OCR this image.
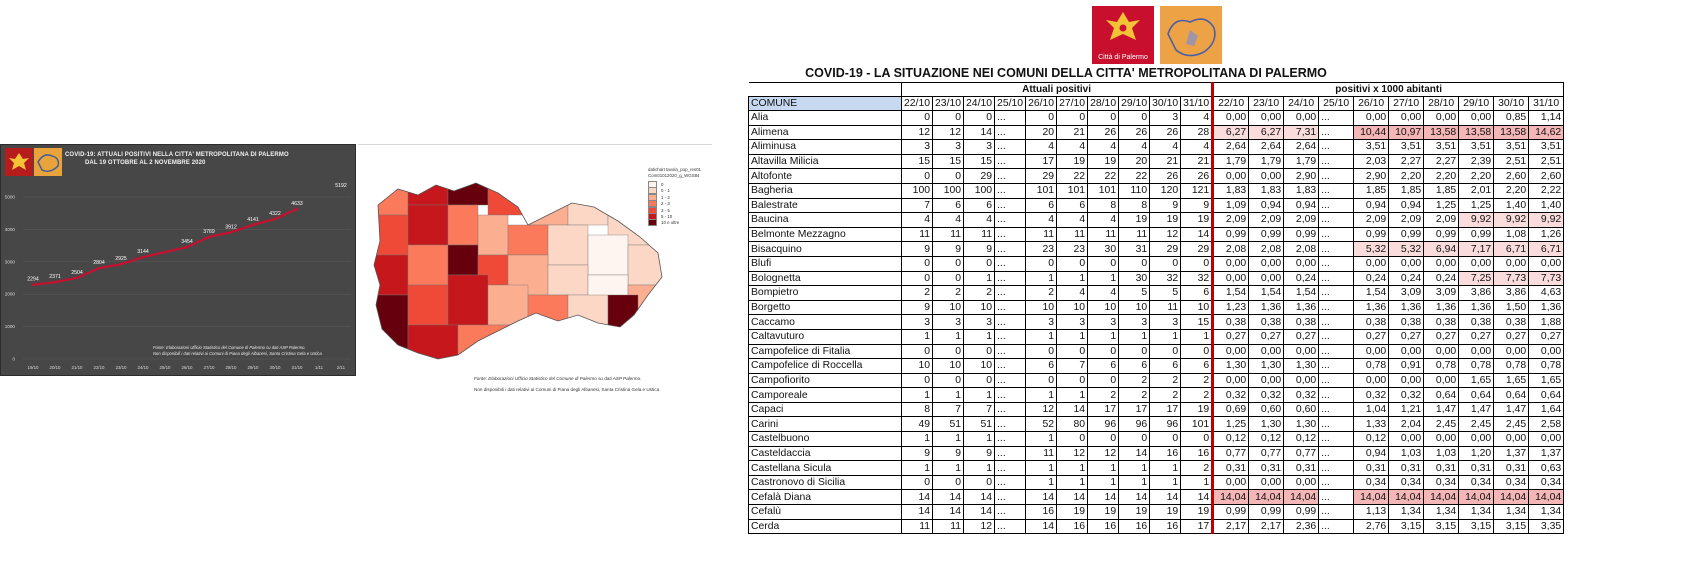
0
1000
2000
3000
4000
5000
19/10	20/10	21/10	22/10	23/10	24/10	25/10	26/10	27/10	28/10	29/10	30/10	31/10	1/11	2/11
2294 2371
2504
2804
2925
3144
3454
3769
3912
4141
4322
4633
5192
COVID-19: ATTUALI POSITIVI NELLA CITTA' METROPOLITANA DI PALERMO
DAL 19 OTTOBRE AL 2 NOVEMBRE 2020
Fonte: Elaborazioni Ufficio Statistico del Comune di Palermo su dati ASP Palermo.
Non disponibili i dati relativi ai Comuni di Piana degli Albanesi, Santa Cristina Gela e Ustica
datichart tavola_pop_res01
Com01012020_g_WGS84
0
0 - 1
1 - 2
2 - 3
3 - 5
5 - 10
10 e oltre
Fonte: Elaborazioni Ufficio Statistico del Comune di Palermo su dati ASP Palermo.
Non disponibili i dati relativi ai Comuni di Piana degli Albanesi, Santa Cristina Gela e Ustica
Città di Palermo
COVID-19 - LA SITUAZIONE NEI COMUNI DELLA CITTA' METROPOLITANA DI PALERMO
	Attuali positivi										positivi x 1000 abitanti									
COMUNE	22/10	23/10	24/10	25/10	26/10	27/10	28/10	29/10	30/10	31/10	22/10	23/10	24/10	25/10	26/10	27/10	28/10	29/10	30/10	31/10
Alia	0	0	0	...	0	0	0	0	3	4	0,00	0,00	0,00	...	0,00	0,00	0,00	0,00	0,85	1,14
Alimena	12	12	14	...	20	21	26	26	26	28	6,27	6,27	7,31	...	10,44	10,97	13,58	13,58	13,58	14,62
Aliminusa	3	3	3	...	4	4	4	4	4	4	2,64	2,64	2,64	...	3,51	3,51	3,51	3,51	3,51	3,51
Altavilla Milicia	15	15	15	...	17	19	19	20	21	21	1,79	1,79	1,79	...	2,03	2,27	2,27	2,39	2,51	2,51
Altofonte	0	0	29	...	29	22	22	22	26	26	0,00	0,00	2,90	...	2,90	2,20	2,20	2,20	2,60	2,60
Bagheria	100	100	100	...	101	101	101	110	120	121	1,83	1,83	1,83	...	1,85	1,85	1,85	2,01	2,20	2,22
Balestrate	7	6	6	...	6	6	8	8	9	9	1,09	0,94	0,94	...	0,94	0,94	1,25	1,25	1,40	1,40
Baucina	4	4	4	...	4	4	4	19	19	19	2,09	2,09	2,09	...	2,09	2,09	2,09	9,92	9,92	9,92
Belmonte Mezzagno	11	11	11	...	11	11	11	11	12	14	0,99	0,99	0,99	...	0,99	0,99	0,99	0,99	1,08	1,26
Bisacquino	9	9	9	...	23	23	30	31	29	29	2,08	2,08	2,08	...	5,32	5,32	6,94	7,17	6,71	6,71
Blufi	0	0	0	...	0	0	0	0	0	0	0,00	0,00	0,00	...	0,00	0,00	0,00	0,00	0,00	0,00
Bolognetta	0	0	1	...	1	1	1	30	32	32	0,00	0,00	0,24	...	0,24	0,24	0,24	7,25	7,73	7,73
Bompietro	2	2	2	...	2	4	4	5	5	6	1,54	1,54	1,54	...	1,54	3,09	3,09	3,86	3,86	4,63
Borgetto	9	10	10	...	10	10	10	10	11	10	1,23	1,36	1,36	...	1,36	1,36	1,36	1,36	1,50	1,36
Caccamo	3	3	3	...	3	3	3	3	3	15	0,38	0,38	0,38	...	0,38	0,38	0,38	0,38	0,38	1,88
Caltavuturo	1	1	1	...	1	1	1	1	1	1	0,27	0,27	0,27	...	0,27	0,27	0,27	0,27	0,27	0,27
Campofelice di Fitalia	0	0	0	...	0	0	0	0	0	0	0,00	0,00	0,00	...	0,00	0,00	0,00	0,00	0,00	0,00
Campofelice di Roccella	10	10	10	...	6	7	6	6	6	6	1,30	1,30	1,30	...	0,78	0,91	0,78	0,78	0,78	0,78
Campofiorito	0	0	0	...	0	0	0	2	2	2	0,00	0,00	0,00	...	0,00	0,00	0,00	1,65	1,65	1,65
Camporeale	1	1	1	...	1	1	2	2	2	2	0,32	0,32	0,32	...	0,32	0,32	0,64	0,64	0,64	0,64
Capaci	8	7	7	...	12	14	17	17	17	19	0,69	0,60	0,60	...	1,04	1,21	1,47	1,47	1,47	1,64
Carini	49	51	51	...	52	80	96	96	96	101	1,25	1,30	1,30	...	1,33	2,04	2,45	2,45	2,45	2,58
Castelbuono	1	1	1	...	1	0	0	0	0	0	0,12	0,12	0,12	...	0,12	0,00	0,00	0,00	0,00	0,00
Casteldaccia	9	9	9	...	11	12	12	14	16	16	0,77	0,77	0,77	...	0,94	1,03	1,03	1,20	1,37	1,37
Castellana Sicula	1	1	1	...	1	1	1	1	1	2	0,31	0,31	0,31	...	0,31	0,31	0,31	0,31	0,31	0,63
Castronovo di Sicilia	0	0	0	...	1	1	1	1	1	1	0,00	0,00	0,00	...	0,34	0,34	0,34	0,34	0,34	0,34
Cefalà Diana	14	14	14	...	14	14	14	14	14	14	14,04	14,04	14,04	...	14,04	14,04	14,04	14,04	14,04	14,04
Cefalù	14	14	14	...	16	19	19	19	19	19	0,99	0,99	0,99	...	1,13	1,34	1,34	1,34	1,34	1,34
Cerda	11	11	12	...	14	16	16	16	16	17	2,17	2,17	2,36	...	2,76	3,15	3,15	3,15	3,15	3,35
